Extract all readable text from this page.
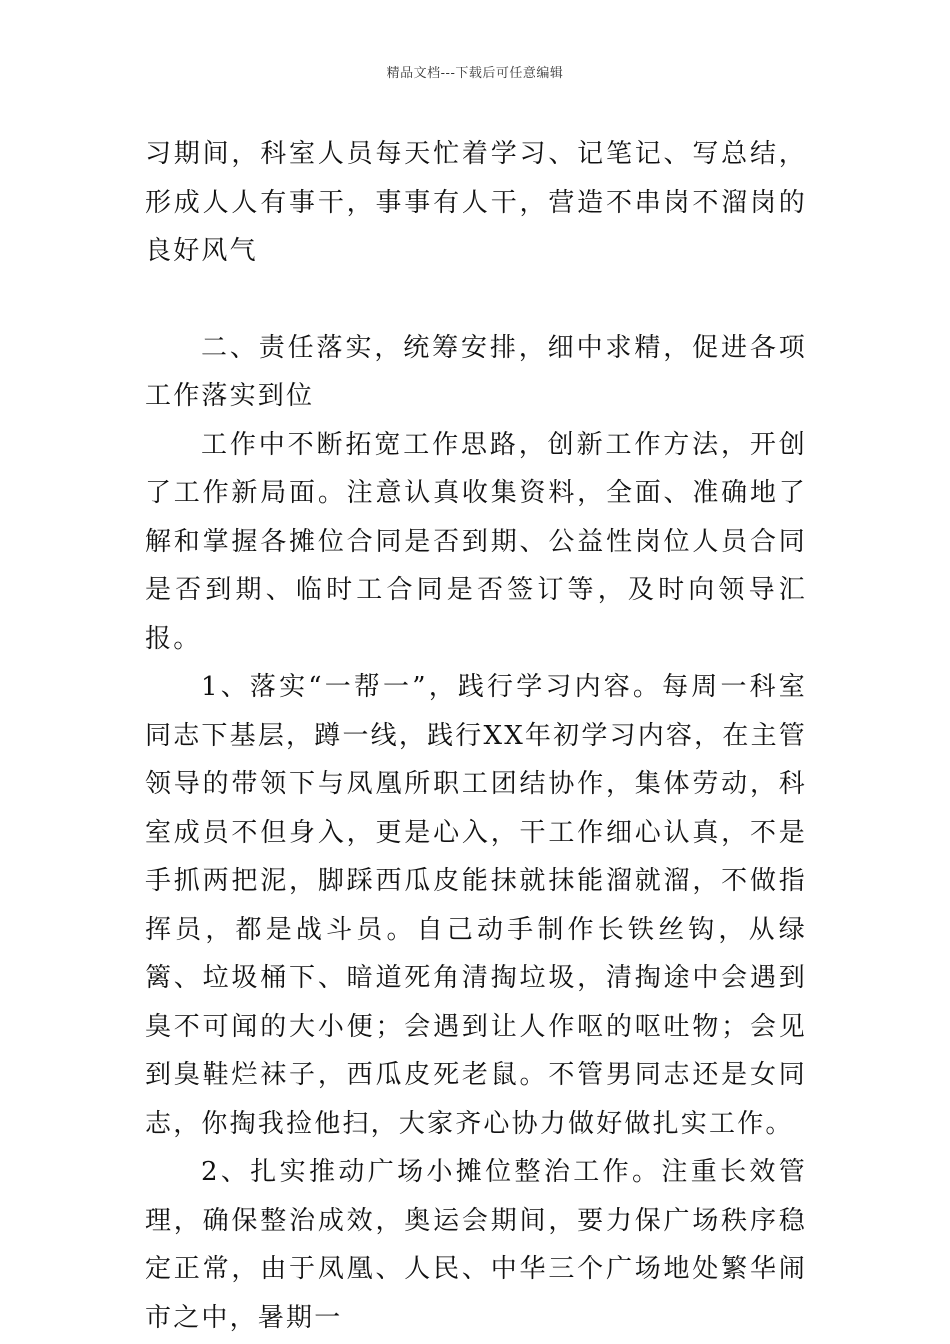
精品文档---下载后可任意编辑

习期间，科室人员每天忙着学习、记笔记、写总结，形成人人有事干，事事有人干，营造不串岗不溜岗的良好风气

二、责任落实，统筹安排，细中求精，促进各项工作落实到位

工作中不断拓宽工作思路，创新工作方法，开创了工作新局面。注意认真收集资料，全面、准确地了解和掌握各摊位合同是否到期、公益性岗位人员合同是否到期、临时工合同是否签订等，及时向领导汇报。

1、落实“一帮一”，践行学习内容。每周一科室同志下基层，蹲一线，践行XX年初学习内容，在主管领导的带领下与凤凰所职工团结协作，集体劳动，科室成员不但身入，更是心入，干工作细心认真，不是手抓两把泥，脚踩西瓜皮能抹就抹能溜就溜，不做指挥员，都是战斗员。自己动手制作长铁丝钩，从绿篱、垃圾桶下、暗道死角清掏垃圾，清掏途中会遇到臭不可闻的大小便；会遇到让人作呕的呕吐物；会见到臭鞋烂袜子，西瓜皮死老鼠。不管男同志还是女同志，你掏我捡他扫，大家齐心协力做好做扎实工作。

2、扎实推动广场小摊位整治工作。注重长效管理，确保整治成效，奥运会期间，要力保广场秩序稳定正常，由于凤凰、人民、中华三个广场地处繁华闹市之中，暑期一
